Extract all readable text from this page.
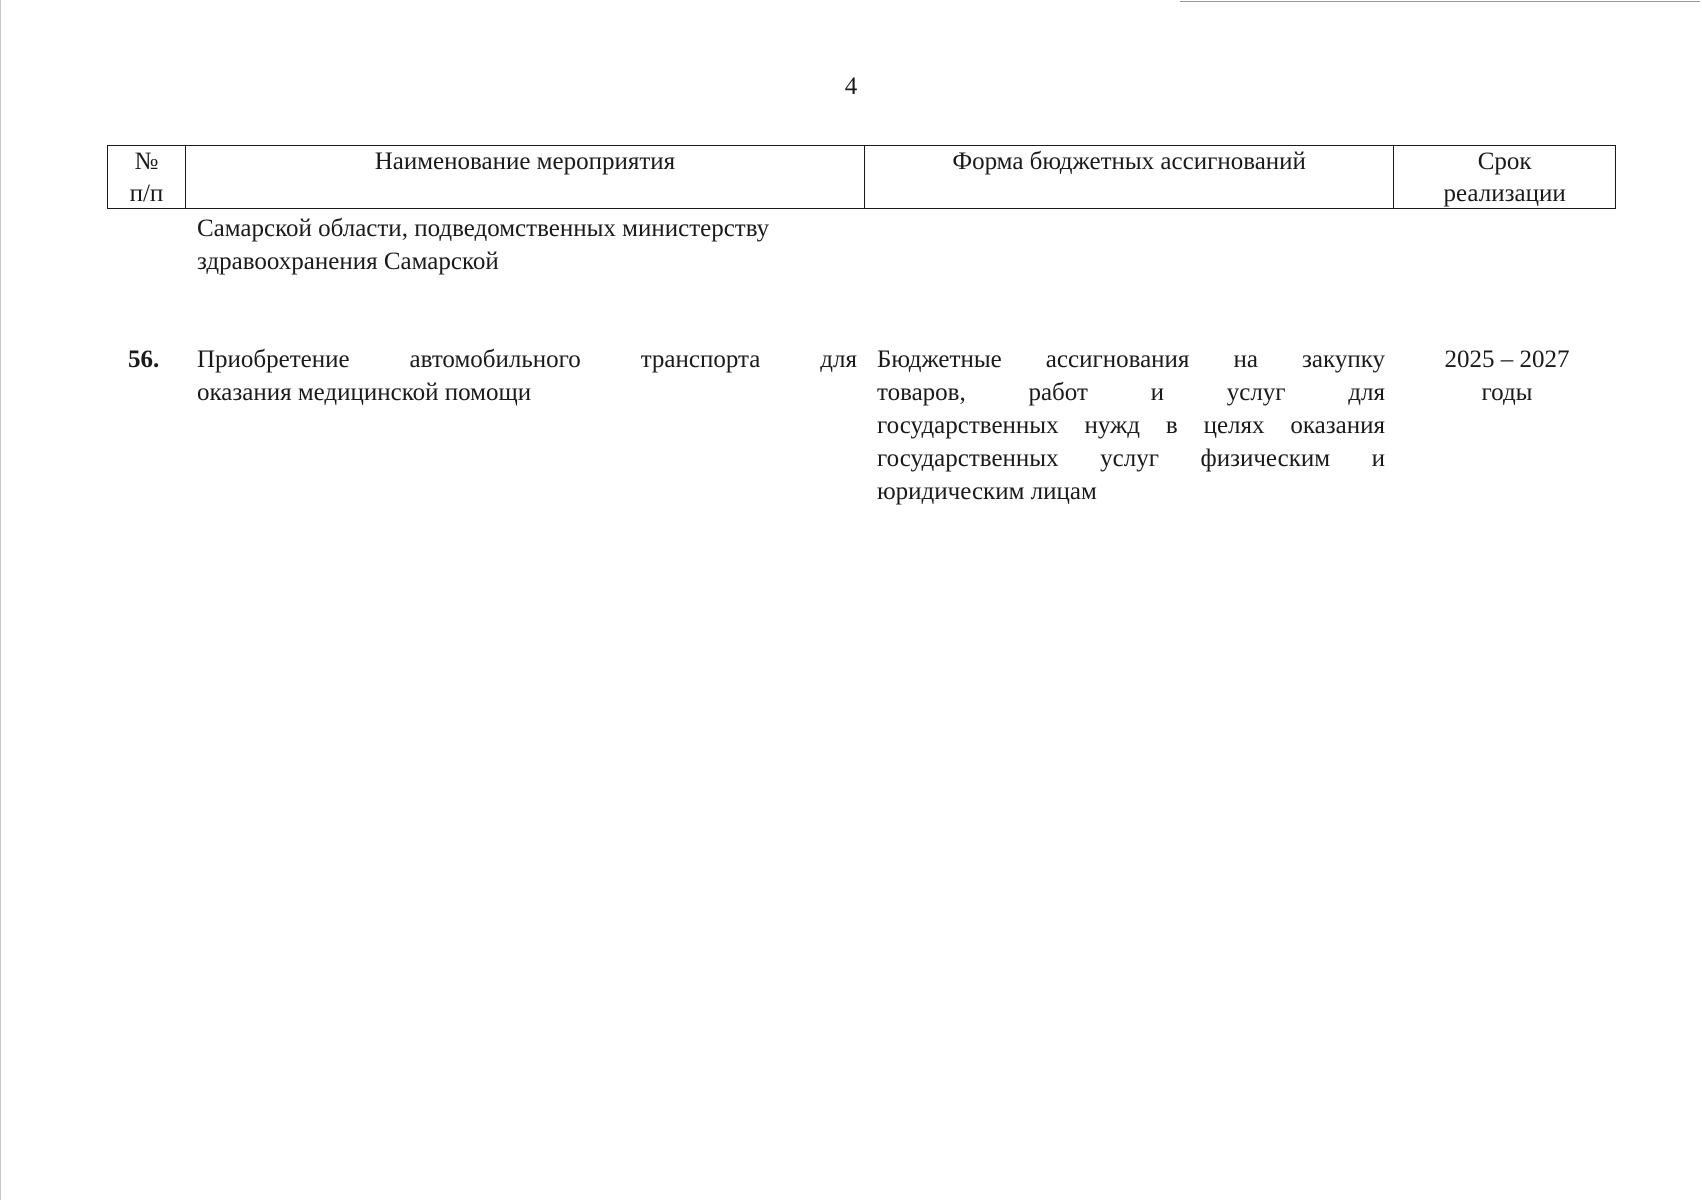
4
№
п/п
Наименование мероприятия	Форма бюджетных ассигнований	Срок
реализации
Самарской области, подведомственных министерству
здравоохранения Самарской
56. Приобретение автомобильного транспорта для
оказания медицинской помощи
Бюджетные ассигнования на закупку
товаров, работ и услуг для
государственных нужд в целях оказания
государственных услуг физическим и
юридическим лицам
2025 – 2027
годы
